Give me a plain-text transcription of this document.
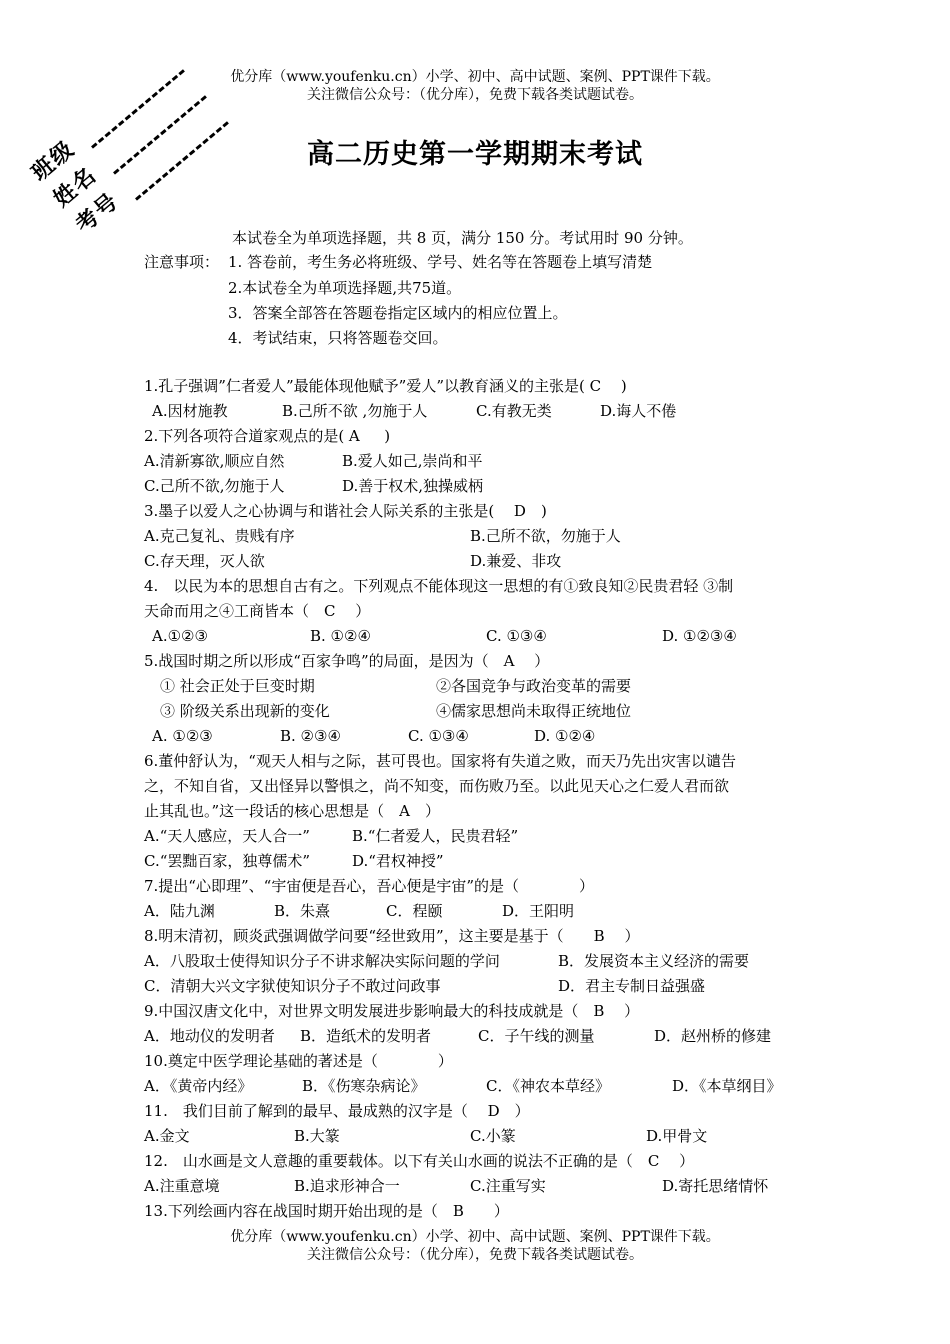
优分库（www.youfenku.cn）小学、初中、高中试题、案例、PPT课件下载。
关注微信公众号：（优分库），免费下载各类试题试卷。
班级
姓名
考号
高二历史第一学期期末考试
本试卷全为单项选择题，共 8 页，满分 150 分。考试用时 90 分钟。
注意事项： 1. 答卷前，考生务必将班级、学号、姓名等在答题卷上填写清楚
2.本试卷全为单项选择题,共75道。
3．答案全部答在答题卷指定区域内的相应位置上。
4．考试结束，只将答题卷交回。
1.孔子强调”仁者爱人”最能体现他赋予”爱人”以教育涵义的主张是( C　 )
A.因材施教	B.己所不欲 ,勿施于人	C.有教无类	D.诲人不倦
2.下列各项符合道家观点的是( A 　 )
A.清新寡欲,顺应自然	B.爱人如己,崇尚和平
C.己所不欲,勿施于人	D.善于权术,独操威柄
3.墨子以爱人之心协调与和谐社会人际关系的主张是(　 D　)
A.克己复礼、贵贱有序	B.己所不欲，勿施于人
C.存天理，灭人欲	D.兼爱、非攻
4.　以民为本的思想自古有之。下列观点不能体现这一思想的有①致良知②民贵君轻 ③制
天命而用之④工商皆本（　C　 ）
A.①②③	B. ①②④	C. ①③④	D. ①②③④
5.战国时期之所以形成“百家争鸣”的局面，是因为（　A　 ）
① 社会正处于巨变时期	②各国竞争与政治变革的需要
③ 阶级关系出现新的变化	④儒家思想尚未取得正统地位
A. ①②③	B. ②③④	C. ①③④	D. ①②④
6.董仲舒认为，“观天人相与之际，甚可畏也。国家将有失道之败，而天乃先出灾害以谴告
之，不知自省，又出怪异以警惧之，尚不知变，而伤败乃至。以此见天心之仁爱人君而欲
止其乱也。”这一段话的核心思想是（　A　）
A.“天人感应，天人合一”	B.“仁者爱人，民贵君轻”
C.“罢黜百家，独尊儒术”	D.“君权神授”
7.提出“心即理”、“宇宙便是吾心，吾心便是宇宙”的是（　　　　）
A．陆九渊	B．朱熹	C．程颐	D．王阳明
8.明末清初，顾炎武强调做学问要“经世致用”，这主要是基于（　　B　 ）
A．八股取士使得知识分子不讲求解决实际问题的学问	B．发展资本主义经济的需要
C．清朝大兴文字狱使知识分子不敢过问政事	D．君主专制日益强盛
9.中国汉唐文化中，对世界文明发展进步影响最大的科技成就是（　B　 ）
A．地动仪的发明者	B．造纸术的发明者	C．子午线的测量	D．赵州桥的修建
10.奠定中医学理论基础的著述是（　　　　）
A．《黄帝内经》	B．《伤寒杂病论》	C．《神农本草经》	D．《本草纲目》
11.　我们目前了解到的最早、最成熟的汉字是（　 D　）
A.金文	B.大篆	C.小篆	D.甲骨文
12.　山水画是文人意趣的重要载体。以下有关山水画的说法不正确的是（　C　 ）
A.注重意境	B.追求形神合一	C.注重写实	D.寄托思绪情怀
13.下列绘画内容在战国时期开始出现的是（　B　　）
优分库（www.youfenku.cn）小学、初中、高中试题、案例、PPT课件下载。
关注微信公众号：（优分库），免费下载各类试题试卷。
